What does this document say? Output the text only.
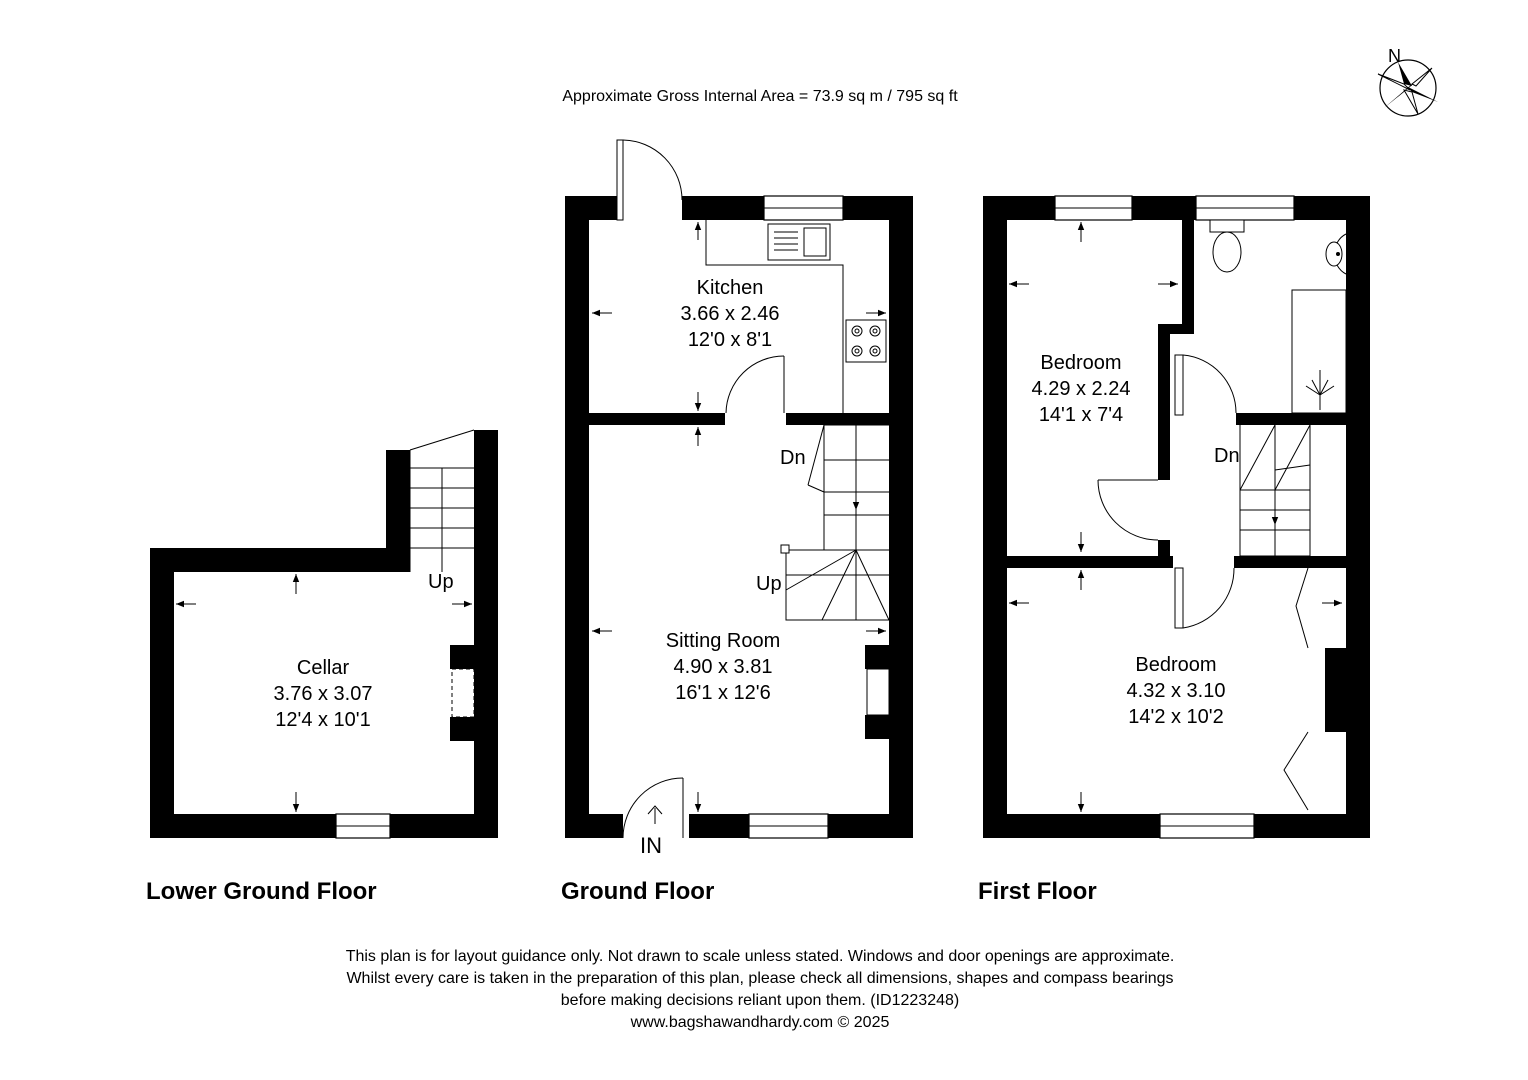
Approximate Gross Internal Area = 73.9 sq m / 795 sq ft
N
Up
Cellar
3.76 x 3.07
12'4 x 10'1
Dn
Up
IN
Kitchen
3.66 x 2.46
12'0 x 8'1
Sitting Room
4.90 x 3.81
16'1 x 12'6
Dn
Bedroom
4.29 x 2.24
14'1 x 7'4
Bedroom
4.32 x 3.10
14'2 x 10'2
Lower Ground Floor	Ground Floor	First Floor
This plan is for layout guidance only. Not drawn to scale unless stated. Windows and door openings are approximate.
Whilst every care is taken in the preparation of this plan, please check all dimensions, shapes and compass bearings
before making decisions reliant upon them. (ID1223248)
www.bagshawandhardy.com © 2025
